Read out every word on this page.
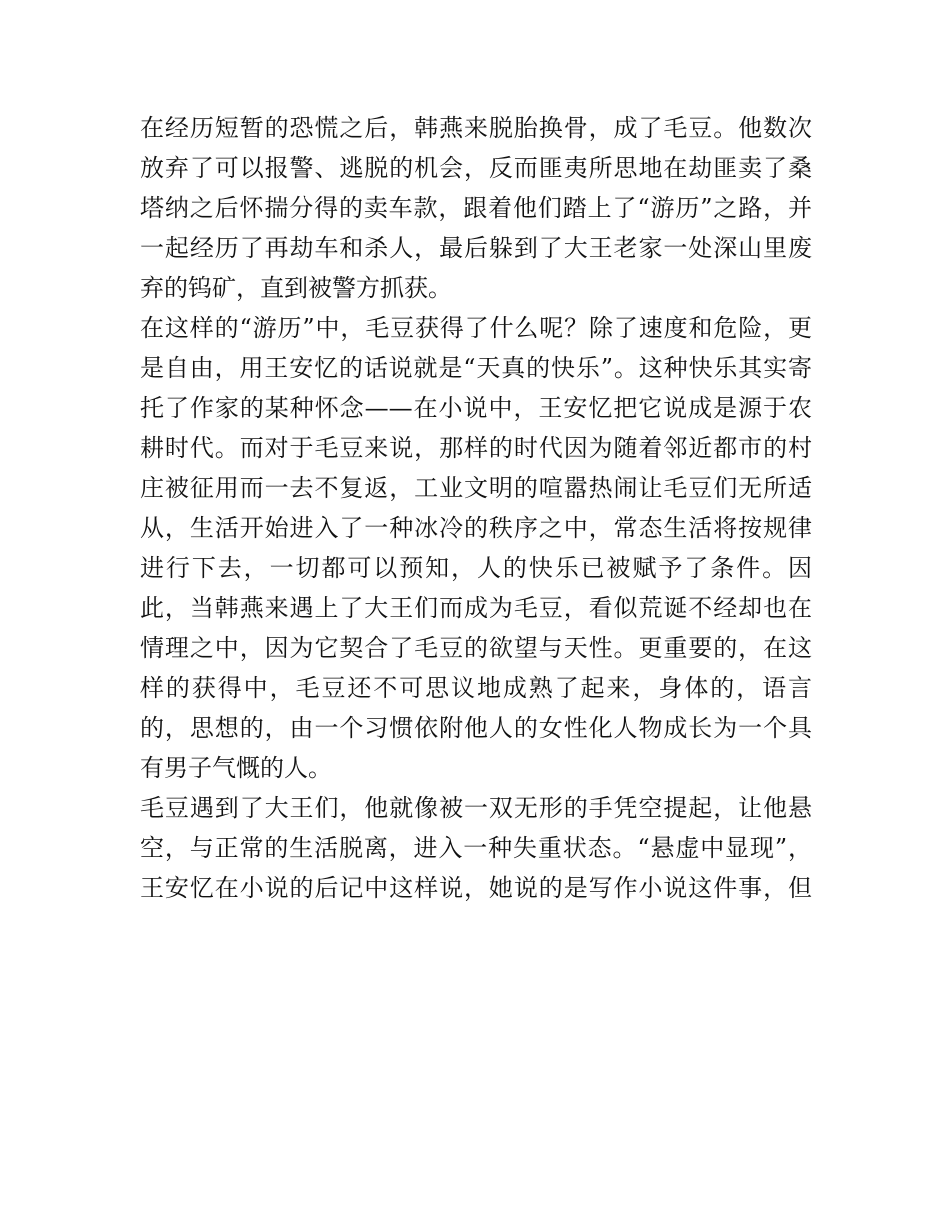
在经历短暂的恐慌之后，韩燕来脱胎换骨，成了毛豆。他数次
放弃了可以报警、逃脱的机会，反而匪夷所思地在劫匪卖了桑
塔纳之后怀揣分得的卖车款，跟着他们踏上了“游历”之路，并
一起经历了再劫车和杀人，最后躲到了大王老家一处深山里废
弃的钨矿，直到被警方抓获。
在这样的“游历”中，毛豆获得了什么呢？除了速度和危险，更
是自由，用王安忆的话说就是“天真的快乐”。这种快乐其实寄
托了作家的某种怀念——在小说中，王安忆把它说成是源于农
耕时代。而对于毛豆来说，那样的时代因为随着邻近都市的村
庄被征用而一去不复返，工业文明的喧嚣热闹让毛豆们无所适
从，生活开始进入了一种冰冷的秩序之中，常态生活将按规律
进行下去，一切都可以预知，人的快乐已被赋予了条件。因
此，当韩燕来遇上了大王们而成为毛豆，看似荒诞不经却也在
情理之中，因为它契合了毛豆的欲望与天性。更重要的，在这
样的获得中，毛豆还不可思议地成熟了起来，身体的，语言
的，思想的，由一个习惯依附他人的女性化人物成长为一个具
有男子气慨的人。
毛豆遇到了大王们，他就像被一双无形的手凭空提起，让他悬
空，与正常的生活脱离，进入一种失重状态。“悬虚中显现”，
王安忆在小说的后记中这样说，她说的是写作小说这件事，但
